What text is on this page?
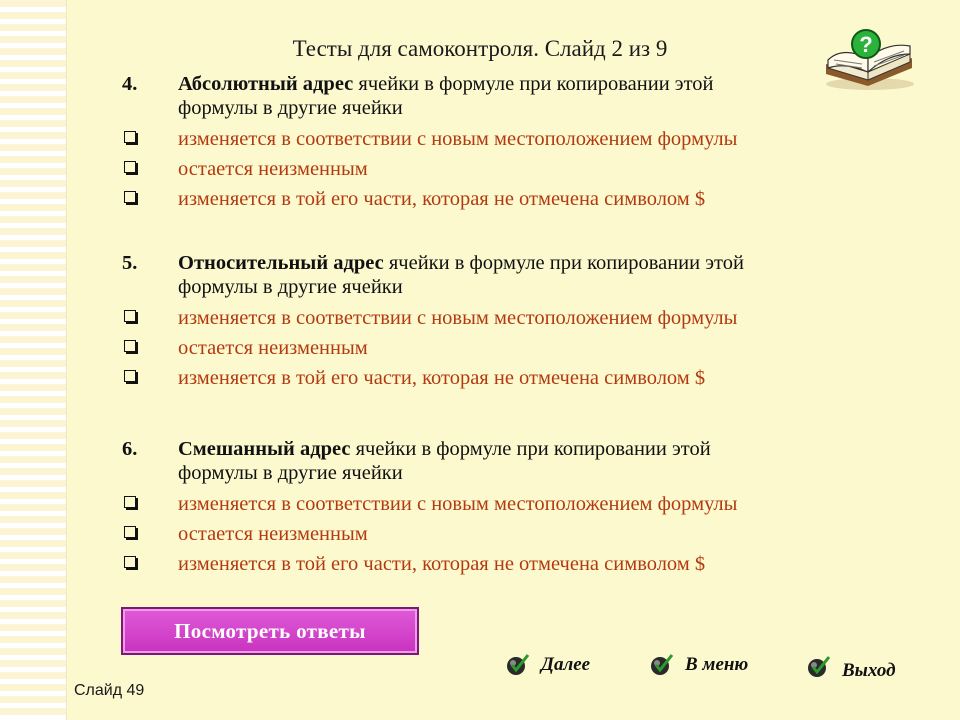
Тесты для самоконтроля. Слайд 2 из 9	?
4.	Абсолютный адрес ячейки в формуле при копировании этой
формулы в другие ячейки
изменяется в соответствии с новым местоположением формулы
остается неизменным
изменяется в той его части, которая не отмечена символом $
5.	Относительный адрес ячейки в формуле при копировании этой
формулы в другие ячейки
изменяется в соответствии с новым местоположением формулы
остается неизменным
изменяется в той его части, которая не отмечена символом $
6.	Смешанный адрес ячейки в формуле при копировании этой
формулы в другие ячейки
изменяется в соответствии с новым местоположением формулы
остается неизменным
изменяется в той его части, которая не отмечена символом $
Посмотреть ответы
Далее	В меню	Выход
Слайд 49
